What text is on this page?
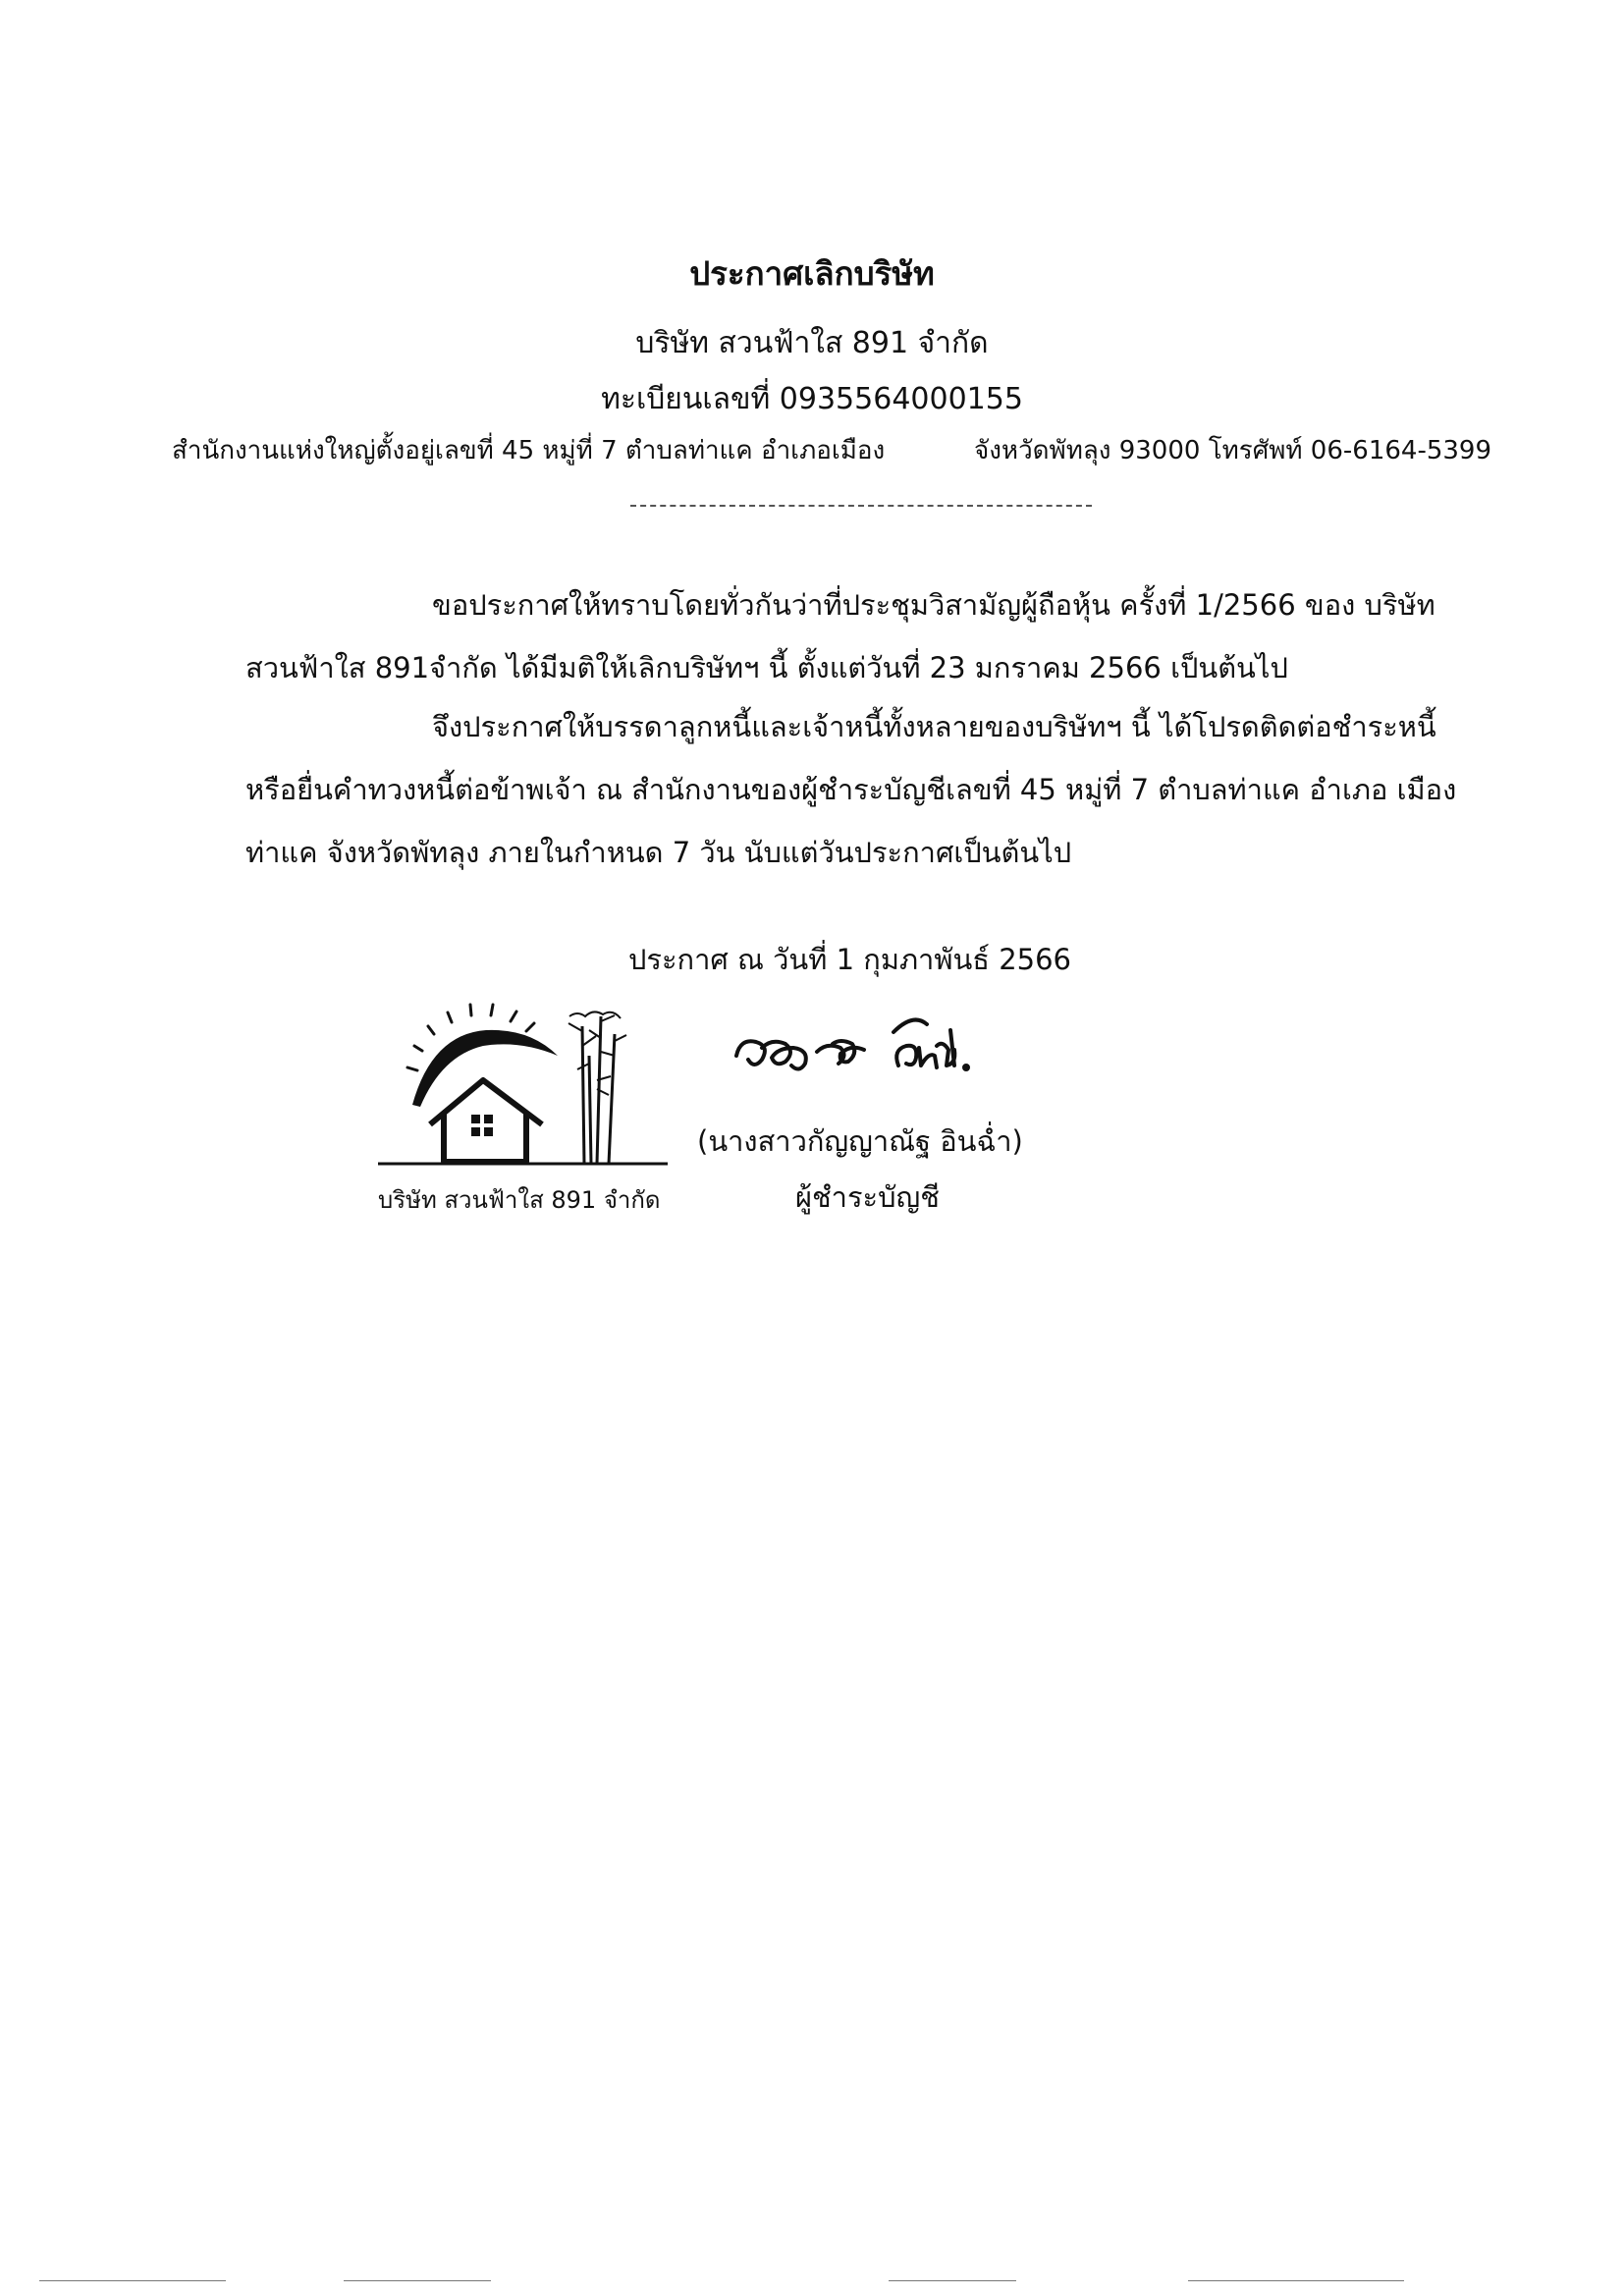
ประกาศเลิกบริษัท
บริษัท สวนฟ้าใส 891 จำกัด
ทะเบียนเลขที่ 0935564000155
สำนักงานแห่งใหญ่ตั้งอยู่เลขที่ 45 หมู่ที่ 7 ตำบลท่าแค อำเภอเมือง	จังหวัดพัทลุง 93000 โทรศัพท์ 06-6164-5399
ขอประกาศให้ทราบโดยทั่วกันว่าที่ประชุมวิสามัญผู้ถือหุ้น ครั้งที่ 1/2566 ของ บริษัท สวนฟ้าใส 891จำกัด ได้มีมติให้เลิกบริษัทฯ นี้ ตั้งแต่วันที่ 23 มกราคม 2566 เป็นต้นไป
จึงประกาศให้บรรดาลูกหนี้และเจ้าหนี้ทั้งหลายของบริษัทฯ นี้ ได้โปรดติดต่อชำระหนี้ หรือยื่นคำทวงหนี้ต่อข้าพเจ้า ณ สำนักงานของผู้ชำระบัญชีเลขที่ 45 หมู่ที่ 7 ตำบลท่าแค อำเภอ เมืองท่าแค จังหวัดพัทลุง ภายในกำหนด 7 วัน นับแต่วันประกาศเป็นต้นไป
ประกาศ ณ วันที่ 1 กุมภาพันธ์ 2566
(นางสาวกัญญาณัฐ อินฉ่ำ)
ผู้ชำระบัญชี
บริษัท สวนฟ้าใส 891 จำกัด
